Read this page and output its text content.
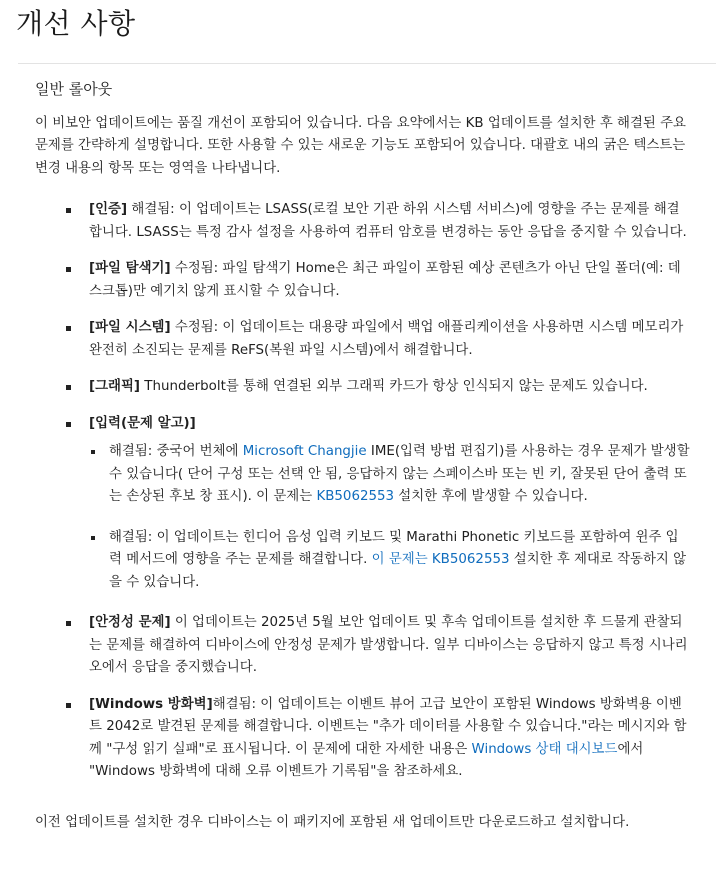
개선 사항
일반 롤아웃

이 비보안 업데이트에는 품질 개선이 포함되어 있습니다. 다음 요약에서는 KB 업데이트를 설치한 후 해결된 주요 문제를 간략하게 설명합니다. 또한 사용할 수 있는 새로운 기능도 포함되어 있습니다. 대괄호 내의 굵은 텍스트는 변경 내용의 항목 또는 영역을 나타냅니다.

[인증] 해결됨: 이 업데이트는 LSASS(로컬 보안 기관 하위 시스템 서비스)에 영향을 주는 문제를 해결합니다. LSASS는 특정 감사 설정을 사용하여 컴퓨터 암호를 변경하는 동안 응답을 중지할 수 있습니다.
[파일 탐색기] 수정됨: 파일 탐색기 Home은 최근 파일이 포함된 예상 콘텐츠가 아닌 단일 폴더(예: 데스크톱)만 예기치 않게 표시할 수 있습니다.
[파일 시스템] 수정됨: 이 업데이트는 대용량 파일에서 백업 애플리케이션을 사용하면 시스템 메모리가 완전히 소진되는 문제를 ReFS(복원 파일 시스템)에서 해결합니다.
[그래픽] Thunderbolt를 통해 연결된 외부 그래픽 카드가 항상 인식되지 않는 문제도 있습니다.
[입력(문제 알고)]
해결됨: 중국어 번체에 Microsoft Changjie IME(입력 방법 편집기)를 사용하는 경우 문제가 발생할 수 있습니다( 단어 구성 또는 선택 안 됨, 응답하지 않는 스페이스바 또는 빈 키, 잘못된 단어 출력 또는 손상된 후보 창 표시). 이 문제는 KB5062553 설치한 후에 발생할 수 있습니다.
해결됨: 이 업데이트는 힌디어 음성 입력 키보드 및 Marathi Phonetic 키보드를 포함하여 윈주 입력 메서드에 영향을 주는 문제를 해결합니다. 이 문제는 KB5062553 설치한 후 제대로 작동하지 않을 수 있습니다.
[안정성 문제] 이 업데이트는 2025년 5월 보안 업데이트 및 후속 업데이트를 설치한 후 드물게 관찰되는 문제를 해결하여 디바이스에 안정성 문제가 발생합니다. 일부 디바이스는 응답하지 않고 특정 시나리오에서 응답을 중지했습니다.
[Windows 방화벽]해결됨: 이 업데이트는 이벤트 뷰어 고급 보안이 포함된 Windows 방화벽용 이벤트 2042로 발견된 문제를 해결합니다. 이벤트는 "추가 데이터를 사용할 수 있습니다."라는 메시지와 함께 "구성 읽기 실패"로 표시됩니다. 이 문제에 대한 자세한 내용은 Windows 상태 대시보드에서 "Windows 방화벽에 대해 오류 이벤트가 기록됨"을 참조하세요.

이전 업데이트를 설치한 경우 디바이스는 이 패키지에 포함된 새 업데이트만 다운로드하고 설치합니다.
